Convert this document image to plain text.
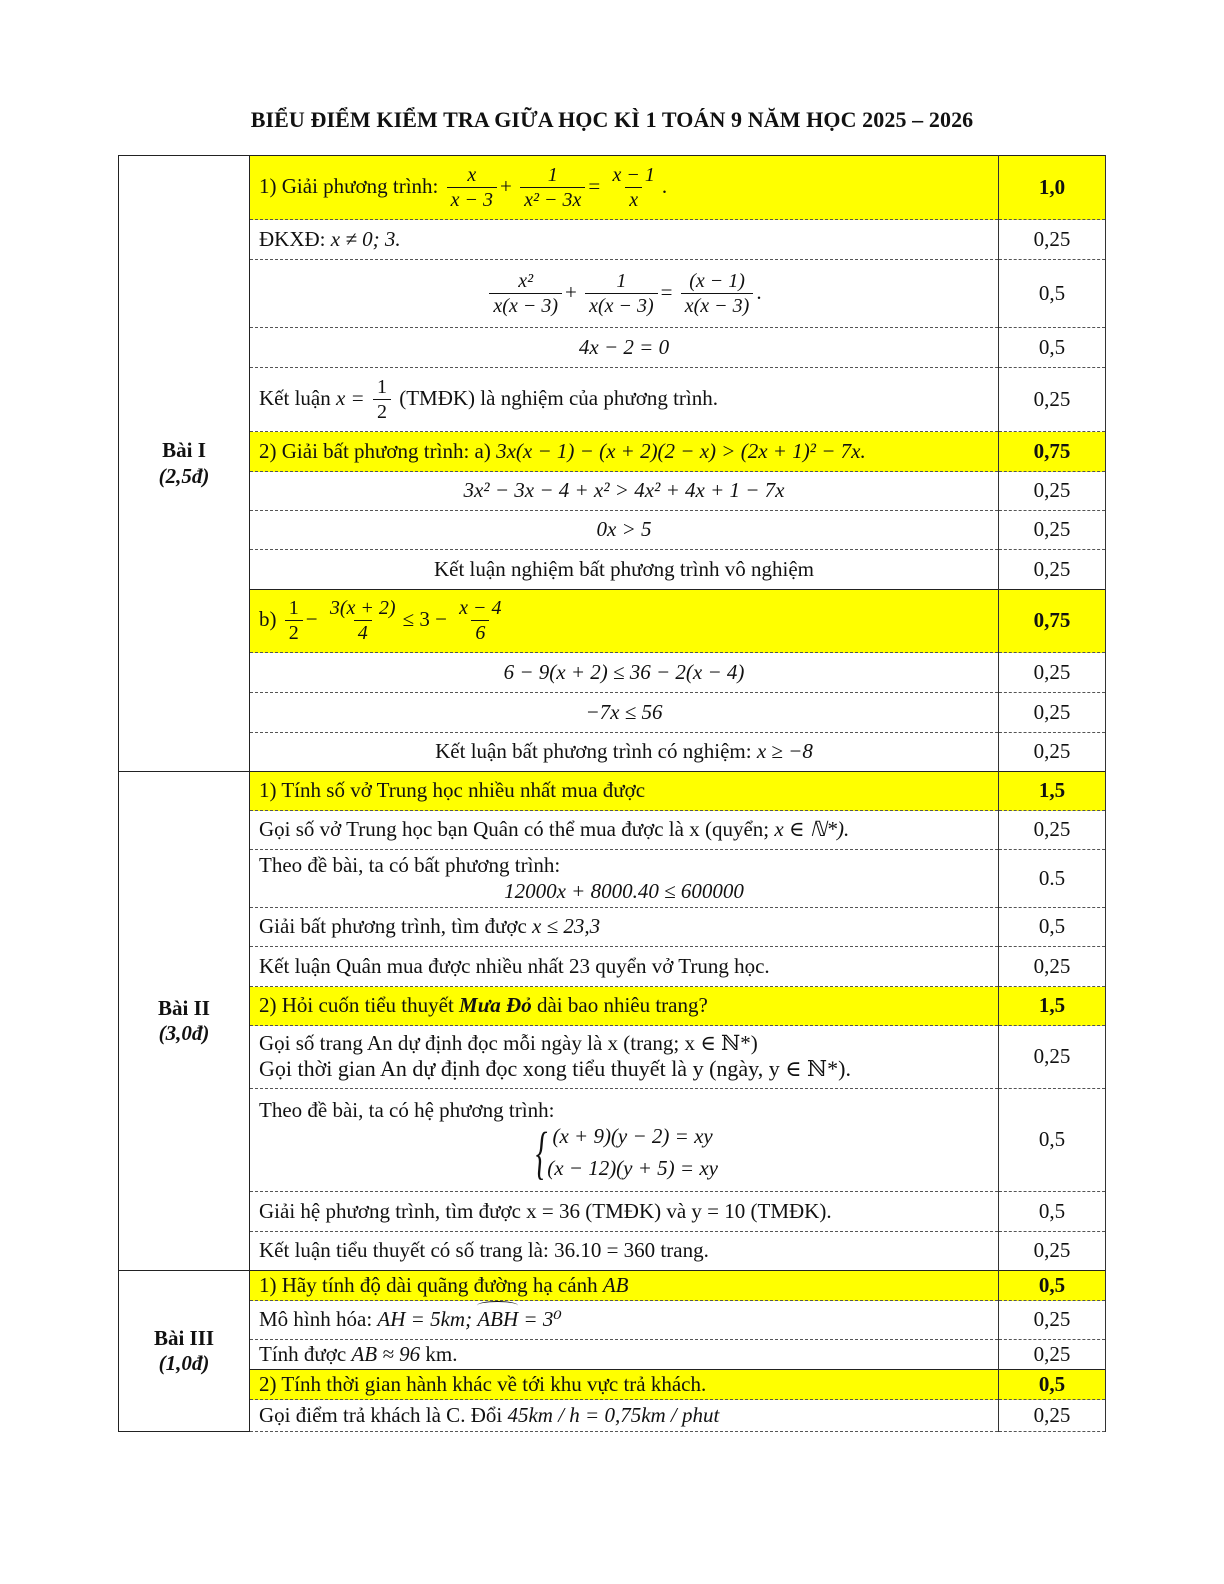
BIỂU ĐIỂM KIỂM TRA GIỮA HỌC KÌ 1 TOÁN 9 NĂM HỌC 2025 – 2026
Bài I
(2,5đ)
	1) Giải phương trình: $\frac{x}{x - 3} + \frac{1}{\text{x² − 3x}} = \frac{x - 1}{x}$ .	1,0
	ĐKXĐ: x ≠ 0; 3.	0,25

$\frac{\text{x²}}{x(x - 3)} + \frac{1}{x(x - 3)} = \frac{(x - 1)}{x(x - 3)}$ .	0,5
	4x − 2 = 0	0,5
	Kết luận $x = \frac{1}{2}$ (TMĐK) là nghiệm của phương trình.	0,25
	2) Giải bất phương trình: a) 3x(x − 1) − (x + 2)(2 − x) > (2x + 1)² − 7x.	0,75
	3x² − 3x − 4 + x² > 4x² + 4x + 1 − 7x	0,25
	0x > 5	0,25
	Kết luận nghiệm bất phương trình vô nghiệm	0,25
$b) \frac{1}{2} - \frac{3(x + 2)}{4} \le 3 - \frac{x - 4}{6}$	0,75
	6 − 9(x + 2) ≤ 36 − 2(x − 4)	0,25
	−7x ≤ 56	0,25
	Kết luận bất phương trình có nghiệm: x ≥ −8	0,25
Bài II
(3,0đ)	1) Tính số vở Trung học nhiều nhất mua được	1,5
	Gọi số vở Trung học bạn Quân có thể mua được là x (quyển; x ∈ ℕ*).	0,25

	Theo đề bài, ta có bất phương trình:
12000x + 8000.40 ≤ 600000	0.5
	Giải bất phương trình, tìm được x ≤ 23,3	0,5
	Kết luận Quân mua được nhiều nhất 23 quyển vở Trung học.	0,25
	2) Hỏi cuốn tiểu thuyết Mưa Đỏ dài bao nhiêu trang?	1,5

	Gọi số trang An dự định đọc mỗi ngày là x (trang; x ∈ ℕ*)
Gọi thời gian An dự định đọc xong tiểu thuyết là y (ngày, y ∈ ℕ*).	0,25

	Theo đề bài, ta có hệ phương trình:
{ (x + 9)(y − 2) = xy
(x − 12)(y + 5) = xy	0,5
	Giải hệ phương trình, tìm được x = 36 (TMĐK) và y = 10 (TMĐK).	0,5
	Kết luận tiểu thuyết có số trang là: 36.10 = 360 trang.	0,25
Bài III
(1,0đ)	1) Hãy tính độ dài quãng đường hạ cánh AB	0,5
	Mô hình hóa: AH = 5km; ABH = 3⁰	0,25
	Tính được AB ≈ 96 km.	0,25
	2) Tính thời gian hành khác về tới khu vực trả khách.	0,5
	Gọi điểm trả khách là C. Đổi 45km / h = 0,75km / phut	0,25
